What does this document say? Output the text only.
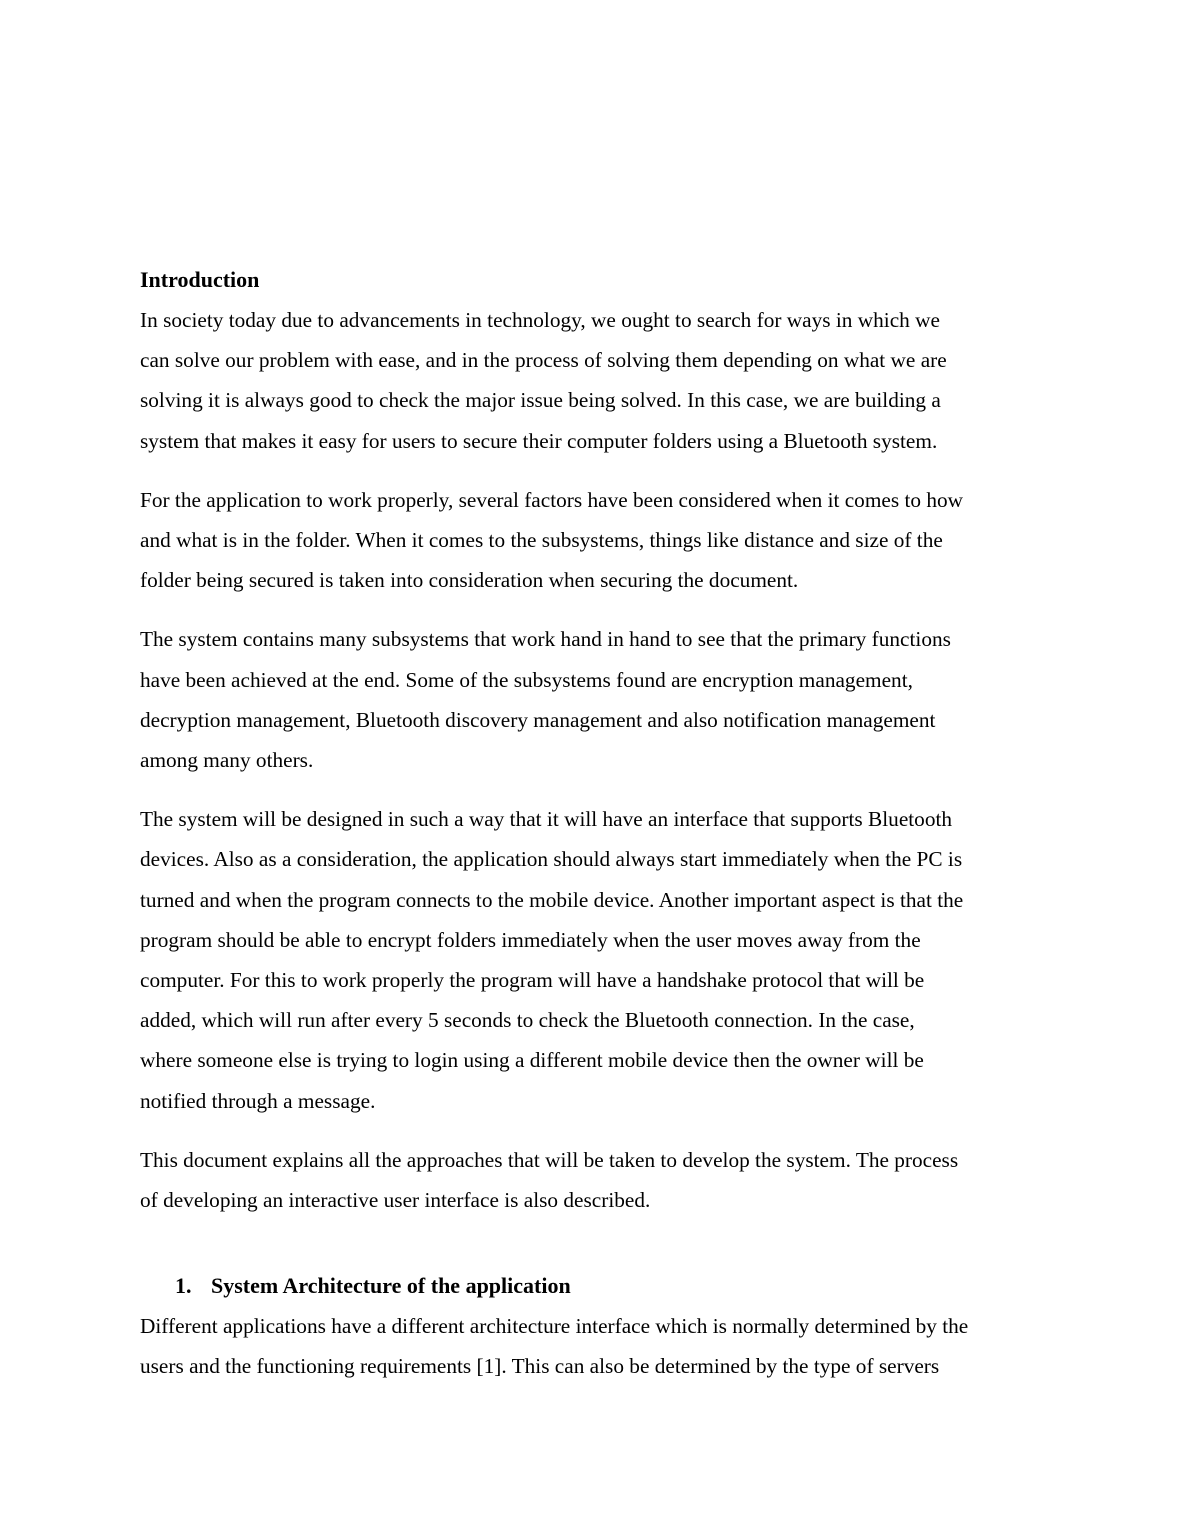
Introduction
In society today due to advancements in technology, we ought to search for ways in which we
can solve our problem with ease, and in the process of solving them depending on what we are
solving it is always good to check the major issue being solved. In this case, we are building a
system that makes it easy for users to secure their computer folders using a Bluetooth system.
For the application to work properly, several factors have been considered when it comes to how
and what is in the folder. When it comes to the subsystems, things like distance and size of the
folder being secured is taken into consideration when securing the document.
The system contains many subsystems that work hand in hand to see that the primary functions
have been achieved at the end. Some of the subsystems found are encryption management,
decryption management, Bluetooth discovery management and also notification management
among many others.
The system will be designed in such a way that it will have an interface that supports Bluetooth
devices. Also as a consideration, the application should always start immediately when the PC is
turned and when the program connects to the mobile device. Another important aspect is that the
program should be able to encrypt folders immediately when the user moves away from the
computer. For this to work properly the program will have a handshake protocol that will be
added, which will run after every 5 seconds to check the Bluetooth connection. In the case,
where someone else is trying to login using a different mobile device then the owner will be
notified through a message.
This document explains all the approaches that will be taken to develop the system. The process
of developing an interactive user interface is also described.
1. System Architecture of the application
Different applications have a different architecture interface which is normally determined by the
users and the functioning requirements [1]. This can also be determined by the type of servers
